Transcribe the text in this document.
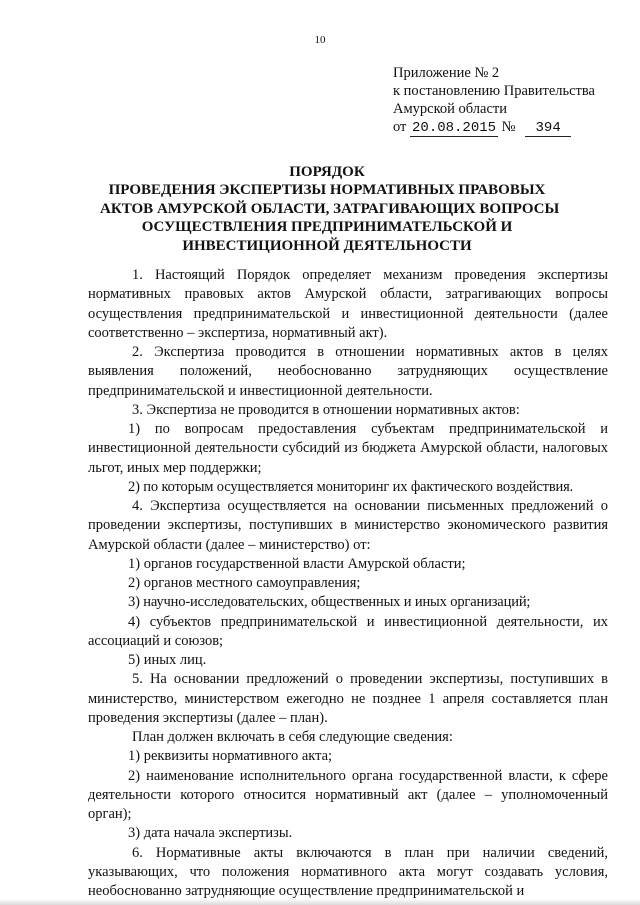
10
Приложение № 2
к постановлению Правительства
Амурской области
от 20.08.2015 № 394
ПОРЯДОК
ПРОВЕДЕНИЯ ЭКСПЕРТИЗЫ НОРМАТИВНЫХ ПРАВОВЫХ
АКТОВ АМУРСКОЙ ОБЛАСТИ, ЗАТРАГИВАЮЩИХ ВОПРОСЫ
ОСУЩЕСТВЛЕНИЯ ПРЕДПРИНИМАТЕЛЬСКОЙ И
ИНВЕСТИЦИОННОЙ ДЕЯТЕЛЬНОСТИ

1. Настоящий Порядок определяет механизм проведения экспертизы нормативных правовых актов Амурской области, затрагивающих вопросы осуществления предпринимательской и инвестиционной деятельности (далее соответственно – экспертиза, нормативный акт).

2. Экспертиза проводится в отношении нормативных актов в целях выявления положений, необоснованно затрудняющих осуществление предпринимательской и инвестиционной деятельности.

3. Экспертиза не проводится в отношении нормативных актов:

1) по вопросам предоставления субъектам предпринимательской и инвестиционной деятельности субсидий из бюджета Амурской области, налоговых льгот, иных мер поддержки;

2) по которым осуществляется мониторинг их фактического воздействия.

4. Экспертиза осуществляется на основании письменных предложений о проведении экспертизы, поступивших в министерство экономического развития Амурской области (далее – министерство) от:

1) органов государственной власти Амурской области;

2) органов местного самоуправления;

3) научно-исследовательских, общественных и иных организаций;

4) субъектов предпринимательской и инвестиционной деятельности, их ассоциаций и союзов;

5) иных лиц.

5. На основании предложений о проведении экспертизы, поступивших в министерство, министерством ежегодно не позднее 1 апреля составляется план проведения экспертизы (далее – план).

План должен включать в себя следующие сведения:

1) реквизиты нормативного акта;

2) наименование исполнительного органа государственной власти, к сфере деятельности которого относится нормативный акт (далее – уполномоченный орган);

3) дата начала экспертизы.

6. Нормативные акты включаются в план при наличии сведений, указывающих, что положения нормативного акта могут создавать условия, необоснованно затрудняющие осуществление предпринимательской и
